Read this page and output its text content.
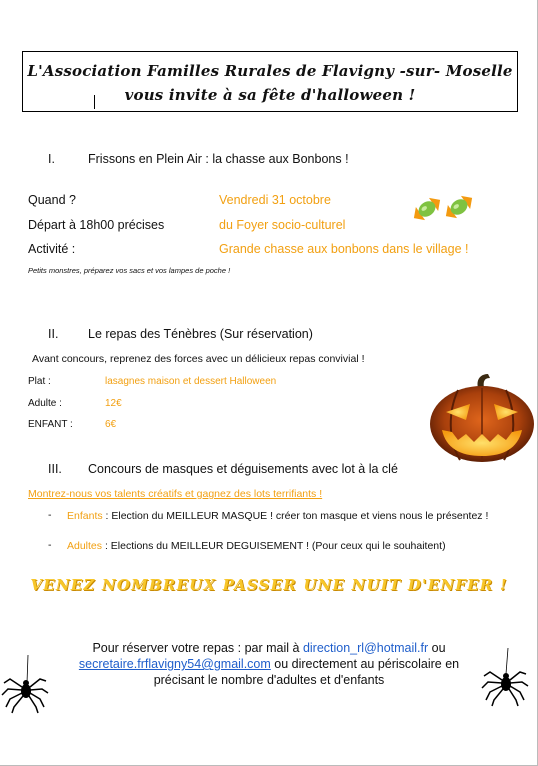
L'Association Familles Rurales de Flavigny -sur- Moselle
vous invite à sa fête d'halloween !
I.	Frissons en Plein Air : la chasse aux Bonbons !
Quand ?	Vendredi 31 octobre
Départ à 18h00 précises	du Foyer socio-culturel
Activité :	Grande chasse aux bonbons dans le village !
Petits monstres, préparez vos sacs et vos lampes de poche !
II. Le repas des Ténèbres (Sur réservation)
Avant concours, reprenez des forces avec un délicieux repas convivial !
Plat :	lasagnes maison et dessert Halloween
Adulte :	12€
ENFANT :	6€
III. Concours de masques et déguisements avec lot à la clé
Montrez-nous vos talents créatifs et gagnez des lots terrifiants !
- Enfants : Election du MEILLEUR MASQUE ! créer ton masque et viens nous le présentez !
- Adultes : Elections du MEILLEUR DEGUISEMENT ! (Pour ceux qui le souhaitent)
VENEZ NOMBREUX PASSER UNE NUIT D'ENFER !
Pour réserver votre repas : par mail à direction_rl@hotmail.fr ou
secretaire.frflavigny54@gmail.com ou directement au périscolaire en
précisant le nombre d'adultes et d'enfants
